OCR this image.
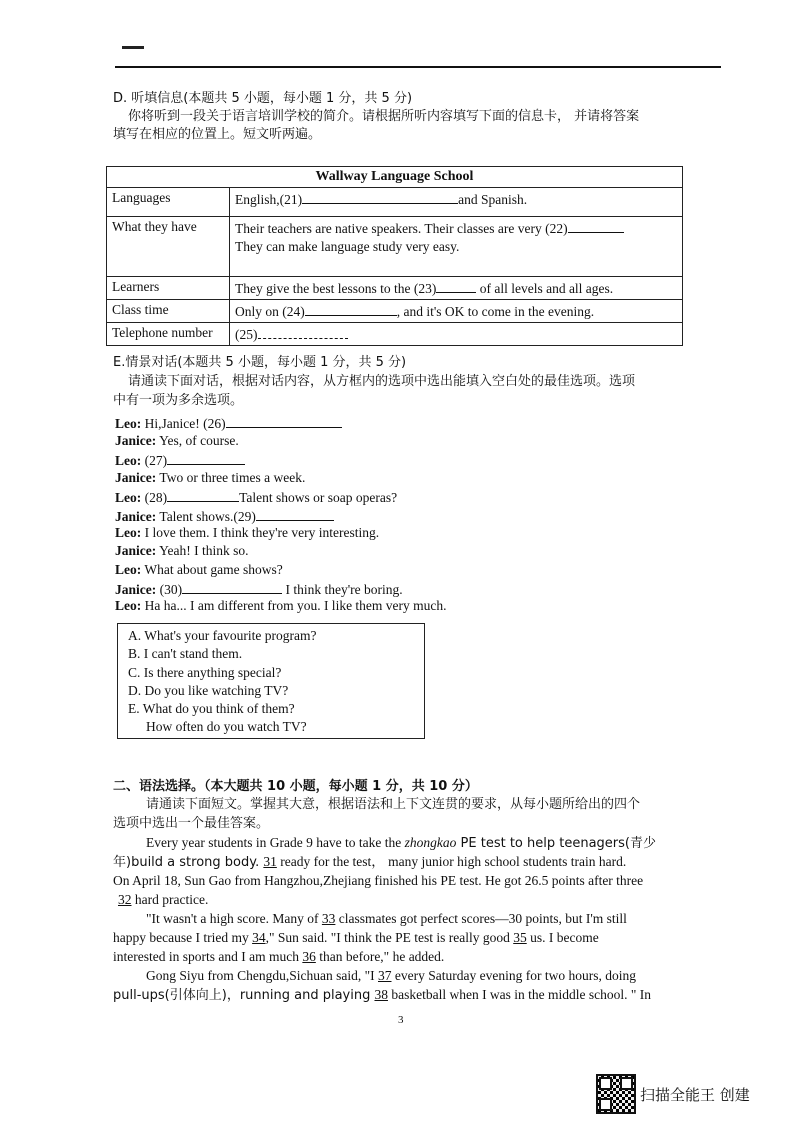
D. 听填信息(本题共 5 小题，每小题 1 分，共 5 分)
你将听到一段关于语言培训学校的简介。请根据所听内容填写下面的信息卡， 并请将答案
填写在相应的位置上。短文听两遍。
Wallway Language School	
Languages	English,(21) and Spanish.
What they have	Their teachers are native speakers. Their classes are very (22)
They can make language study very easy.
Learners	They give the best lessons to the (23) of all levels and all ages.
Class time	Only on (24) , and it's OK to come in the evening.
Telephone number	(25)
E.情景对话(本题共 5 小题，每小题 1 分，共 5 分)
请通读下面对话，根据对话内容，从方框内的选项中选出能填入空白处的最佳选项。选项
中有一项为多余选项。
Leo: Hi,Janice! (26)
Janice: Yes, of course.
Leo: (27)
Janice: Two or three times a week.
Leo: (28)	Talent shows or soap operas?
Janice: Talent shows.(29)
Leo: I love them. I think they're very interesting.
Janice: Yeah! I think so.
Leo: What about game shows?
Janice: (30)	I think they're boring.
Leo: Ha ha... I am different from you. I like them very much.
A. What's your favourite program?
B. I can't stand them.
C. Is there anything special?
D. Do you like watching TV?
E. What do you think of them?
How often do you watch TV?
二、语法选择。（本大题共 10 小题，每小题 1 分，共 10 分）
请通读下面短文。掌握其大意，根据语法和上下文连贯的要求，从每小题所给出的四个
选项中选出一个最佳答案。
Every year students in Grade 9 have to take the zhongkao PE test to help teenagers(青少
年)build a strong body. 31 ready for the test， many junior high school students train hard.
On April 18, Sun Gao from Hangzhou,Zhejiang finished his PE test. He got 26.5 points after three
32 hard practice.
"It wasn't a high score. Many of 33 classmates got perfect scores—30 points, but I'm still
happy because I tried my 34," Sun said. "I think the PE test is really good 35 us. I become
interested in sports and I am much 36 than before," he added.
Gong Siyu from Chengdu,Sichuan said, "I 37 every Saturday evening for two hours, doing
pull-ups(引体向上)，running and playing 38 basketball when I was in the middle school. " In
3
扫描全能王 创建
